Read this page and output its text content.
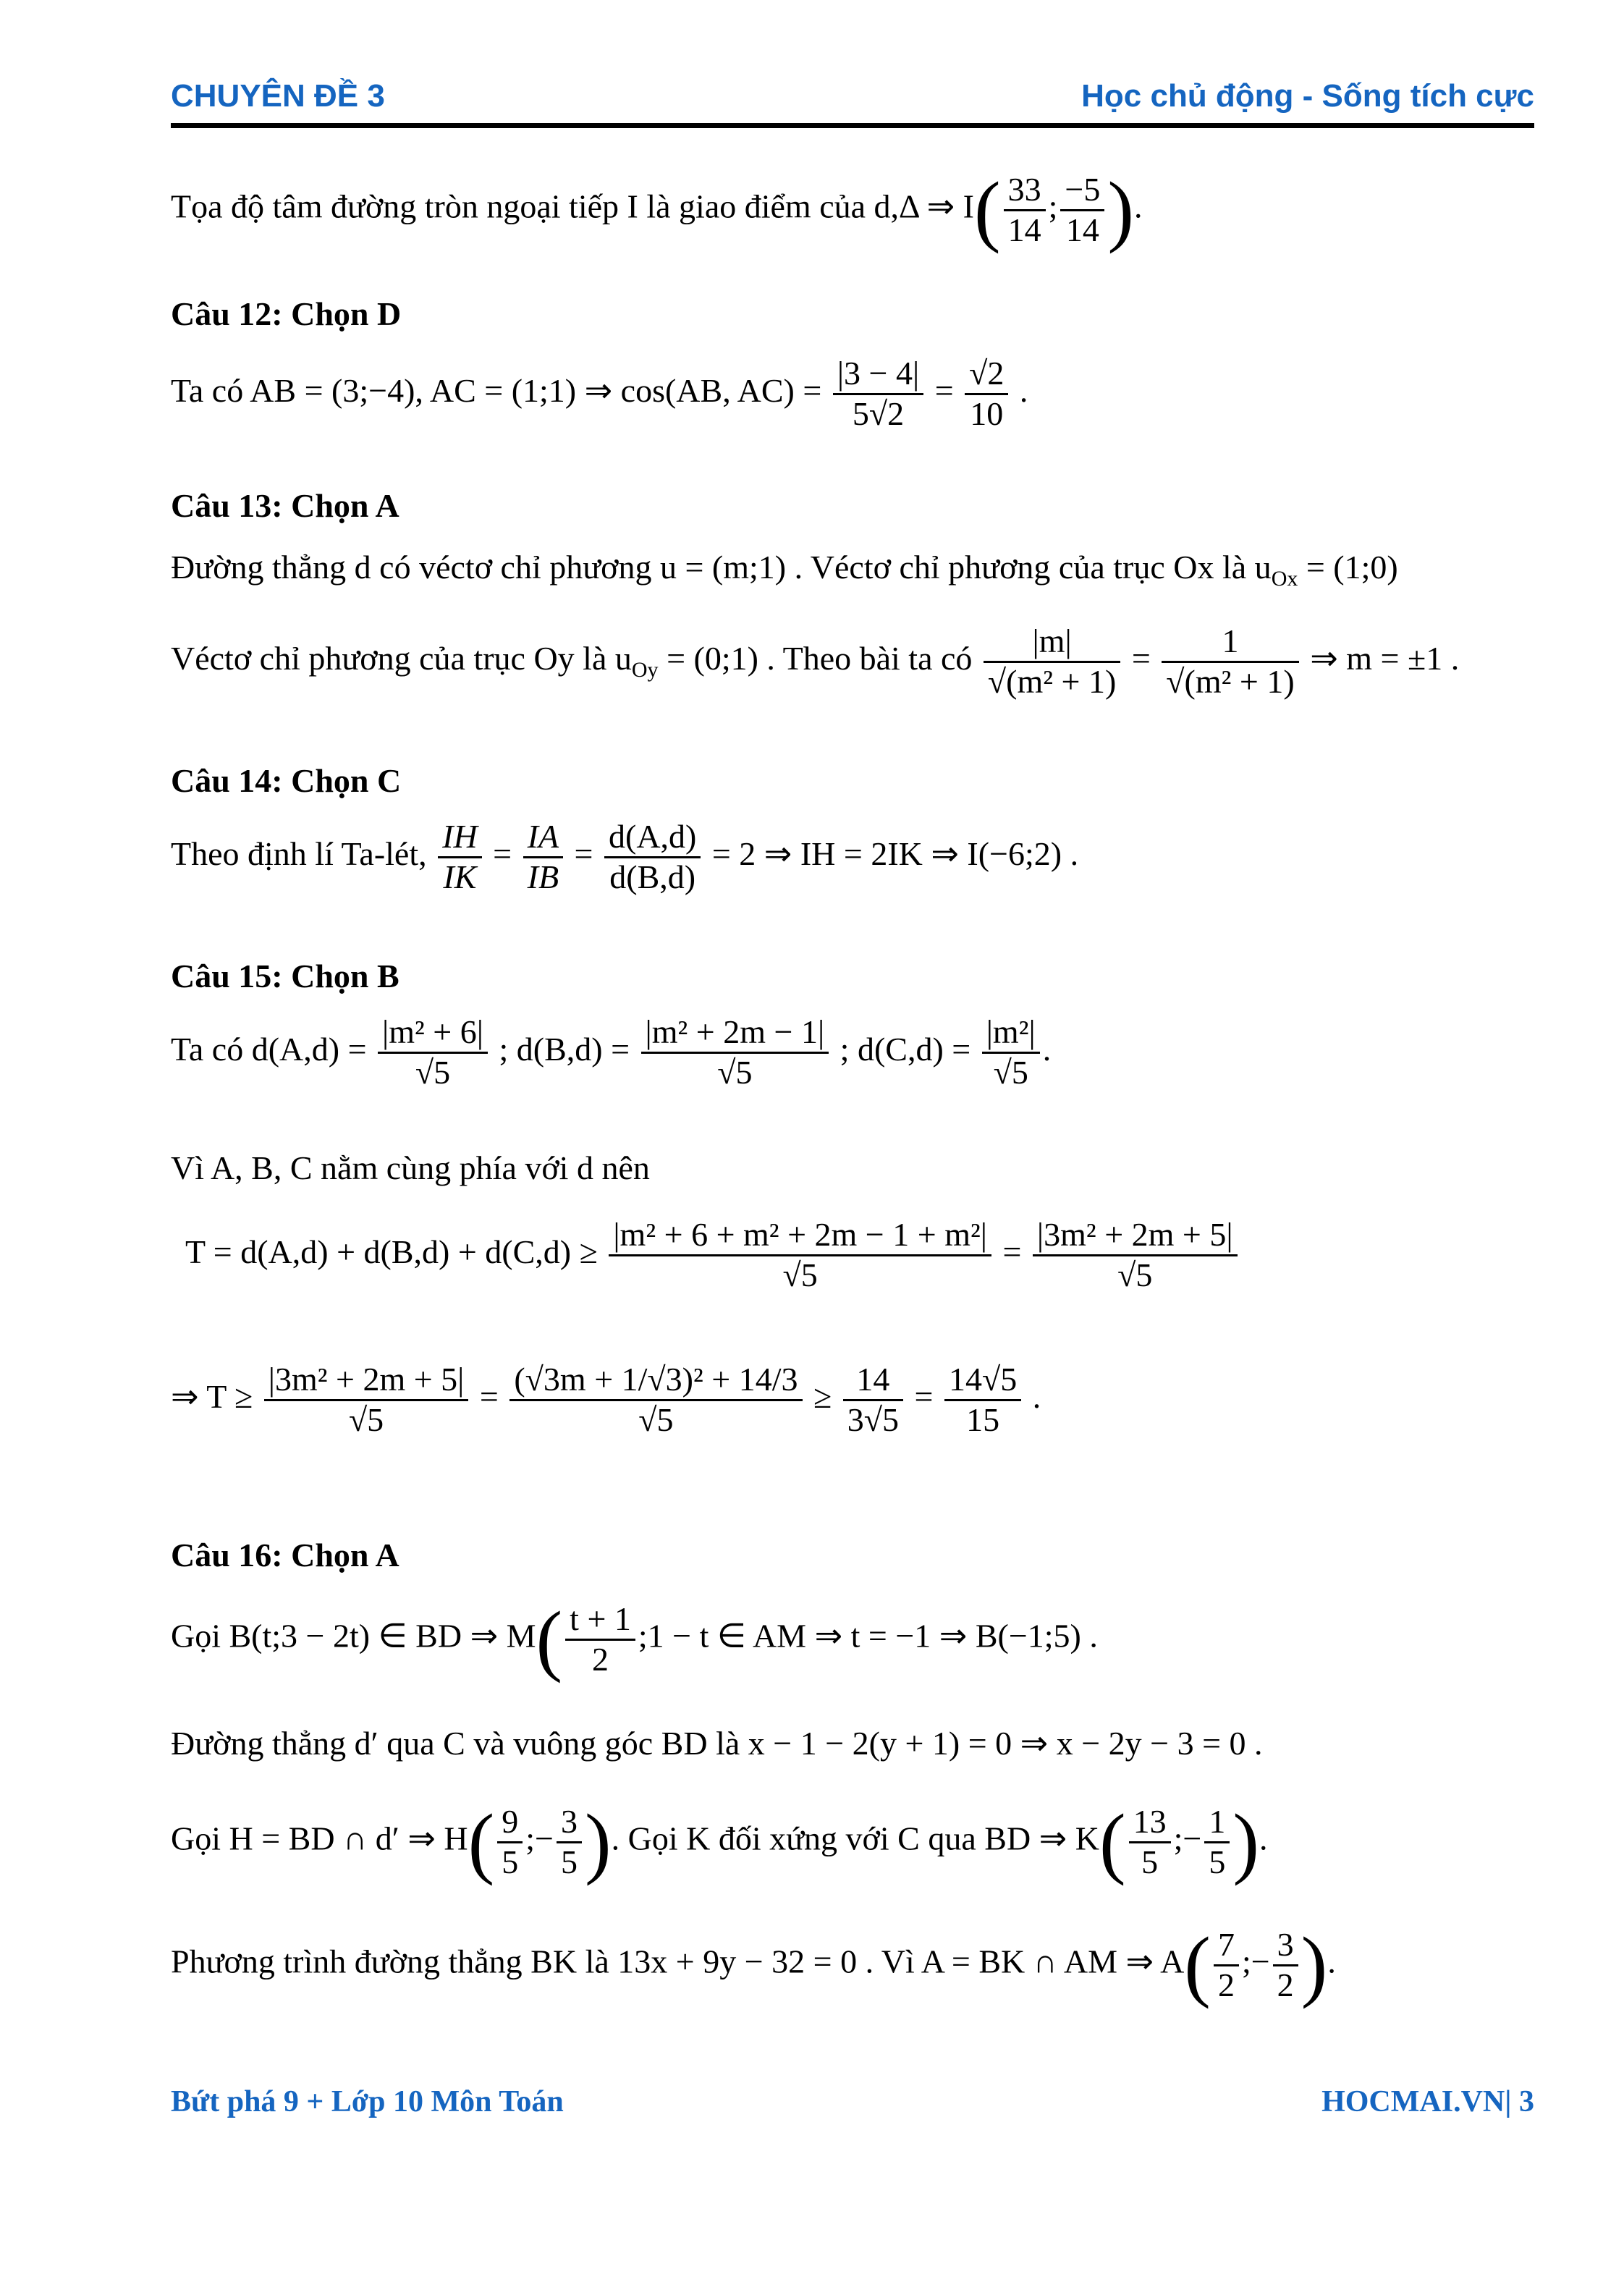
CHUYÊN ĐỀ 3	Học chủ động - Sống tích cực
Tọa độ tâm đường tròn ngoại tiếp I là giao điểm của d,Δ ⇒ $I( \frac{33}{14}$ ; $\frac{-5}{14}$ ).
Câu 12: Chọn D
Ta có AB = (3;−4), AC = (1;1) ⇒ cos(AB, $AC) = \frac{|3 - 4|}{5√2} = \frac{√2}{10}$ .
Câu 13: Chọn A
Đường thẳng d có véctơ chỉ phương u = (m;1) . Véctơ chỉ phương của trục Ox là $u_{Ox}$ = (1;0)
Véctơ chỉ phương của trục Oy là $u_{Oy}$ = (0;1) . Theo bài ta có $\frac{|m|}{\text{√(m² + 1)}} = \frac{1}{\text{√(m² + 1)}}$ ⇒ m = ±1 .
Câu 14: Chọn C
Theo định lí Ta-lét, $\frac{IH}{IK} = \frac{IA}{IB} = \frac{d(A,d)}{d(B,d)} = 2$ ⇒ IH = 2IK ⇒ I(−6;2) .
Câu 15: Chọn B
Ta có $d(A,d) = \frac{\text{|m² + 6|}}{√5}$ ; $d(B,d) = \frac{\text{|m² + 2m − 1|}}{√5}$ ; $d(C,d) = \frac{\text{|m²|}}{√5}$ .
Vì A, B, C nằm cùng phía với d nên
$T = d(A,d) + d(B,d) + d(C,d) \ge \frac{\text{|m² + 6 + m² + 2m − 1 + m²|}}{√5} = \frac{\text{|3m² + 2m + 5|}}{√5}$
⇒ $T \ge \frac{\text{|3m² + 2m + 5|}}{√5} = \frac{\text{(√3m + 1/√3)² + 14/3}}{√5} \ge \frac{14}{3√5} = \frac{14√5}{15}$ .
Câu 16: Chọn A
Gọi B(t;3 − 2t) ∈ BD ⇒ $M( \frac{t + 1}{2}$ ;1 − t ∈ AM ⇒ t = −1 ⇒ B(−1;5) .
Đường thẳng d′ qua C và vuông góc BD là x − 1 − 2(y + 1) = 0 ⇒ x − 2y − 3 = 0 .
Gọi H = BD ∩ d′ ⇒ $H( \frac{9}{5}$ ;− $\frac{3}{5}$ ). Gọi K đối xứng với C qua BD ⇒ $K( \frac{13}{5}$ ;− $\frac{1}{5}$ ).
Phương trình đường thẳng BK là 13x + 9y − 32 = 0 . Vì A = BK ∩ AM ⇒ $A( \frac{7}{2}$ ;− $\frac{3}{2}$ ).
Bứt phá 9 + Lớp 10 Môn Toán	HOCMAI.VN| 3
